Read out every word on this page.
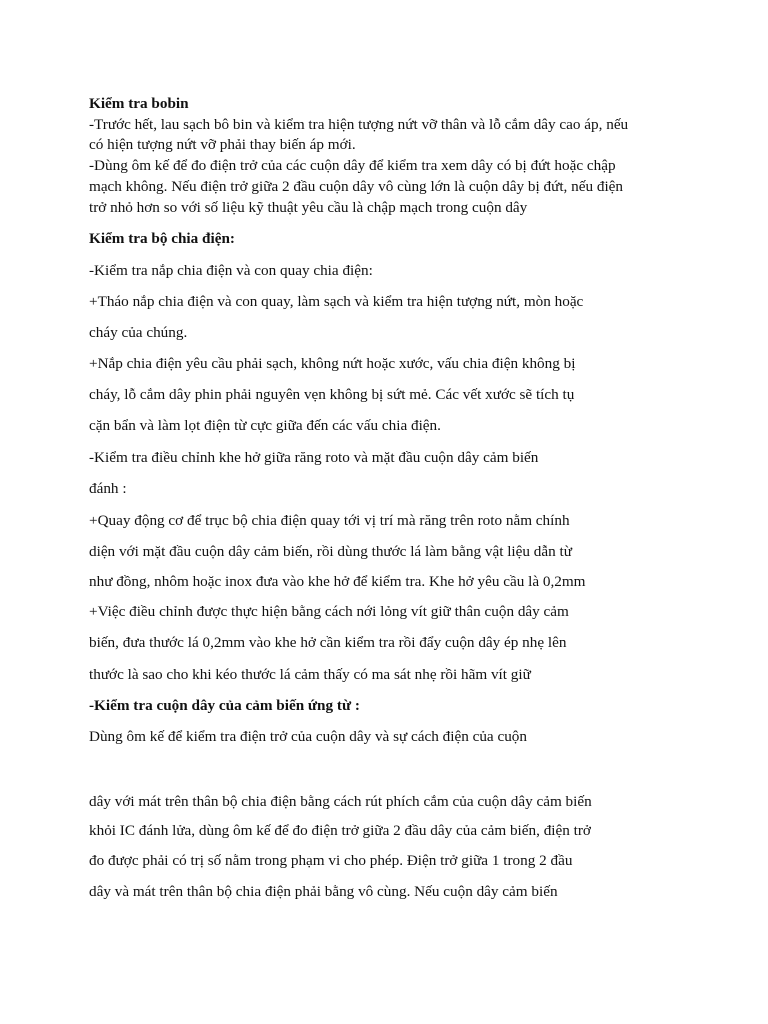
Kiểm tra bobin
-Trước hết, lau sạch bô bin và kiểm tra hiện tượng nứt vỡ thân và lỗ cắm dây cao áp, nếu
có hiện tượng nứt vỡ phải thay biến áp mới.
-Dùng ôm kế để đo điện trở của các cuộn dây để kiểm tra xem dây có bị đứt hoặc chập
mạch không. Nếu điện trở giữa 2 đầu cuộn dây vô cùng lớn là cuộn dây bị đứt, nếu điện
trở nhỏ hơn so với số liệu kỹ thuật yêu cầu là chập mạch trong cuộn dây
Kiểm tra bộ chia điện:
-Kiểm tra nắp chia điện và con quay chia điện:
+Tháo nắp chia điện và con quay, làm sạch và kiểm tra hiện tượng nứt, mòn hoặc
cháy của chúng.
+Nắp chia điện yêu cầu phải sạch, không nứt hoặc xước, vấu chia điện không bị
cháy, lỗ cắm dây phin phải nguyên vẹn không bị sứt mẻ. Các vết xước sẽ tích tụ
cặn bẩn và làm lọt điện từ cực giữa đến các vấu chia điện.
-Kiểm tra điều chỉnh khe hở giữa răng roto và mặt đầu cuộn dây cảm biến
đánh :
+Quay động cơ để trục bộ chia điện quay tới vị trí mà răng trên roto nằm chính
diện với mặt đầu cuộn dây cảm biến, rồi dùng thước lá làm bằng vật liệu dẫn từ
như đồng, nhôm hoặc inox đưa vào khe hở để kiểm tra. Khe hở yêu cầu là 0,2mm
+Việc điều chỉnh được thực hiện bằng cách nới lỏng vít giữ thân cuộn dây cảm
biến, đưa thước lá 0,2mm vào khe hở cần kiểm tra rồi đẩy cuộn dây ép nhẹ lên
thước là sao cho khi kéo thước lá cảm thấy có ma sát nhẹ rồi hãm vít giữ
-Kiểm tra cuộn dây của cảm biến ứng từ :
Dùng ôm kế để kiểm tra điện trở của cuộn dây và sự cách điện của cuộn
dây với mát trên thân bộ chia điện bằng cách rút phích cắm của cuộn dây cảm biến
khỏi IC đánh lửa, dùng ôm kế để đo điện trở giữa 2 đầu dây của cảm biến, điện trở
đo được phải có trị số nằm trong phạm vi cho phép. Điện trở giữa 1 trong 2 đầu
dây và mát trên thân bộ chia điện phải bằng vô cùng. Nếu cuộn dây cảm biến
